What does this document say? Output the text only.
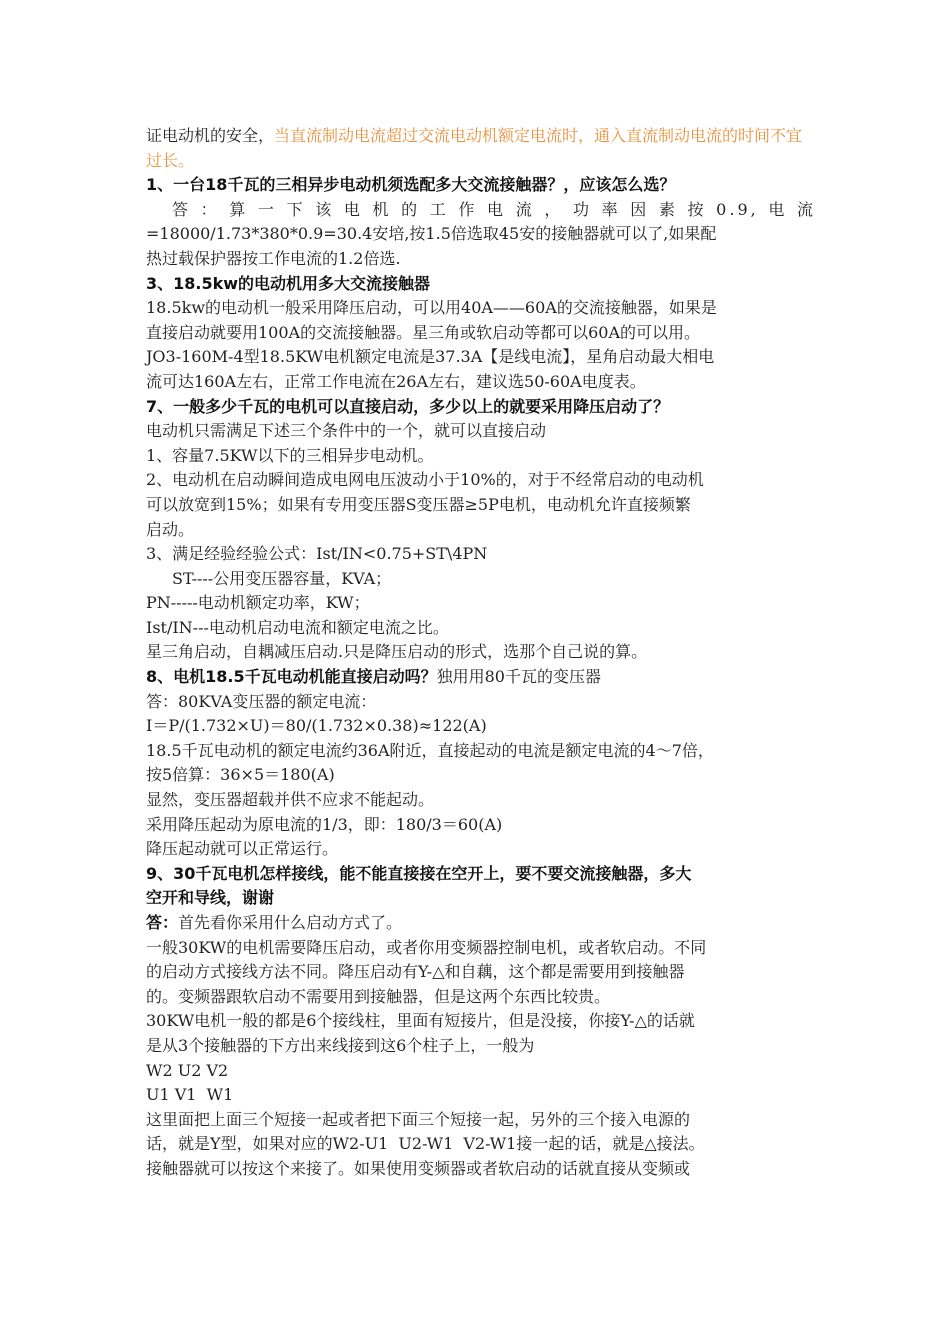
证电动机的安全，当直流制动电流超过交流电动机额定电流时，通入直流制动电流的时间不宜过长。

1、一台18千瓦的三相异步电动机须选配多大交流接触器？，应该怎么选？

答：算一下该电机的工作电流，功率因素按0.9,电流

=18000/1.73*380*0.9=30.4安培,按1.5倍选取45安的接触器就可以了,如果配

热过载保护器按工作电流的1.2倍选.

3、18.5kw的电动机用多大交流接触器

18.5kw的电动机一般采用降压启动，可以用40A——60A的交流接触器，如果是

直接启动就要用100A的交流接触器。星三角或软启动等都可以60A的可以用。

JO3-160M-4型18.5KW电机额定电流是37.3A【是线电流】，星角启动最大相电

流可达160A左右，正常工作电流在26A左右，建议选50-60A电度表。

7、一般多少千瓦的电机可以直接启动，多少以上的就要采用降压启动了？

电动机只需满足下述三个条件中的一个，就可以直接启动

1、容量7.5KW以下的三相异步电动机。

2、电动机在启动瞬间造成电网电压波动小于10%的，对于不经常启动的电动机

可以放宽到15%；如果有专用变压器S变压器≥5P电机，电动机允许直接频繁

启动。

3、满足经验经验公式：Ist/IN<0.75+ST\4PN

ST----公用变压器容量，KVA；

PN-----电动机额定功率，KW；

Ist/IN---电动机启动电流和额定电流之比。

星三角启动，自耦减压启动.只是降压启动的形式，选那个自己说的算。

8、电机18.5千瓦电动机能直接启动吗？独用用80千瓦的变压器

答：80KVA变压器的额定电流：

I＝P/(1.732×U)＝80/(1.732×0.38)≈122(A)

18.5千瓦电动机的额定电流约36A附近，直接起动的电流是额定电流的4～7倍，

按5倍算：36×5＝180(A)

显然，变压器超载并供不应求不能起动。

采用降压起动为原电流的1/3，即：180/3＝60(A)

降压起动就可以正常运行。

9、30千瓦电机怎样接线，能不能直接接在空开上，要不要交流接触器，多大

空开和导线，谢谢

答：首先看你采用什么启动方式了。

一般30KW的电机需要降压启动，或者你用变频器控制电机，或者软启动。不同

的启动方式接线方法不同。降压启动有Y-△和自藕，这个都是需要用到接触器

的。变频器跟软启动不需要用到接触器，但是这两个东西比较贵。

30KW电机一般的都是6个接线柱，里面有短接片，但是没接，你接Y-△的话就

是从3个接触器的下方出来线接到这6个柱子上，一般为

W2 U2 V2

U1 V1  W1

这里面把上面三个短接一起或者把下面三个短接一起，另外的三个接入电源的

话，就是Y型，如果对应的W2-U1  U2-W1  V2-W1接一起的话，就是△接法。

接触器就可以按这个来接了。如果使用变频器或者软启动的话就直接从变频或
